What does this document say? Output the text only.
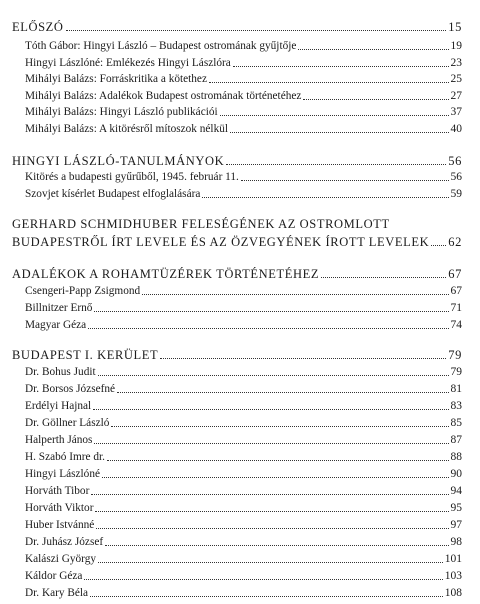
ELŐSZÓ	15
Tóth Gábor: Hingyi László – Budapest ostromának gyűjtője	19
Hingyi Lászlóné: Emlékezés Hingyi Lászlóra	23
Mihályi Balázs: Forráskritika a kötethez	25
Mihályi Balázs: Adalékok Budapest ostromának történetéhez	27
Mihályi Balázs: Hingyi László publikációi	37
Mihályi Balázs: A kitörésről mítoszok nélkül	40
HINGYI LÁSZLÓ-TANULMÁNYOK	56
Kitörés a budapesti gyűrűből, 1945. február 11.	56
Szovjet kísérlet Budapest elfoglalására	59
GERHARD SCHMIDHUBER FELESÉGÉNEK AZ OSTROMLOTT
BUDAPESTRŐL ÍRT LEVELE ÉS AZ ÖZVEGYÉNEK ÍROTT LEVELEK 62
ADALÉKOK A ROHAMTÜZÉREK TÖRTÉNETÉHEZ	67
Csengeri-Papp Zsigmond	67
Billnitzer Ernő	71
Magyar Géza	74
BUDAPEST I. KERÜLET	79
Dr. Bohus Judit	79
Dr. Borsos Józsefné	81
Erdélyi Hajnal	83
Dr. Göllner László	85
Halperth János	87
H. Szabó Imre dr.	88
Hingyi Lászlóné	90
Horváth Tibor	94
Horváth Viktor	95
Huber Istvánné	97
Dr. Juhász József	98
Kalászi György	101
Káldor Géza	103
Dr. Kary Béla	108
